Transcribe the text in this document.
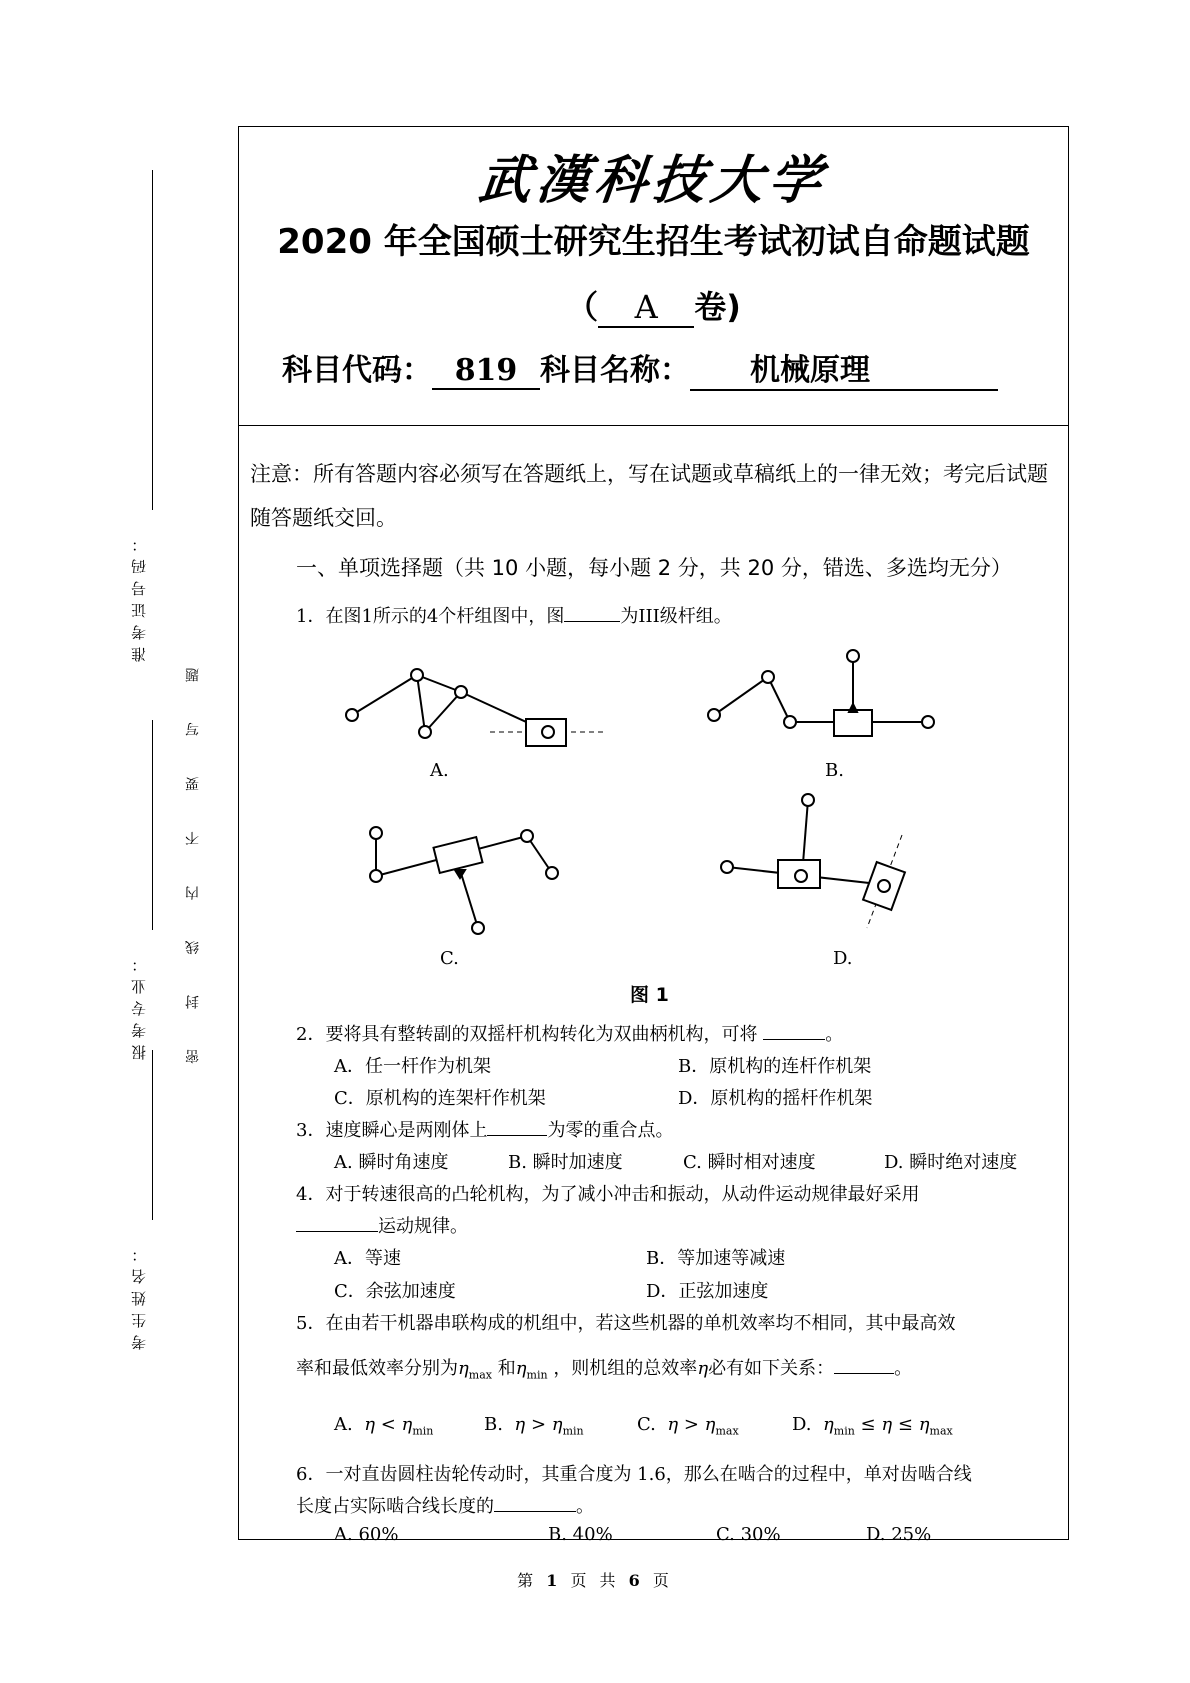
准考证号码：
密 封 线 内 不 要 写 题
报考专业：
考生姓名：
武漢科技大学
2020 年全国硕士研究生招生考试初试自命题试题
（ A 卷)
科目代码： 819 科目名称： 机械原理
注意：所有答题内容必须写在答题纸上，写在试题或草稿纸上的一律无效；考完后试题随答题纸交回。
一、单项选择题（共 10 小题，每小题 2 分，共 20 分，错选、多选均无分）
1．在图1所示的4个杆组图中，图	为III级杆组。
A.	B.
C.	D.
图 1
2．要将具有整转副的双摇杆机构转化为双曲柄机构，可将	。
A．任一杆作为机架	B．原机构的连杆作机架
C．原机构的连架杆作机架	D．原机构的摇杆作机架
3．速度瞬心是两刚体上	为零的重合点。
A. 瞬时角速度	B. 瞬时加速度	C. 瞬时相对速度	D. 瞬时绝对速度
4．对于转速很高的凸轮机构，为了减小冲击和振动，从动件运动规律最好采用
运动规律。
A．等速	B．等加速等减速
C．余弦加速度	D．正弦加速度
5．在由若干机器串联构成的机组中，若这些机器的单机效率均不相同，其中最高效
率和最低效率分别为$\eta_{max}$ 和$\eta_{min}$ ，则机组的总效率η必有如下关系：	。
A. $\eta < \eta_{min}$	B. $\eta > \eta_{min}$	C. $\eta > \eta_{max}$	D. $\eta_{min} \le \eta \le \eta_{max}$
6．一对直齿圆柱齿轮传动时，其重合度为 1.6，那么在啮合的过程中，单对齿啮合线
长度占实际啮合线长度的	。
A. 60%	B. 40%	C. 30%	D. 25%
第 1 页 共 6 页
